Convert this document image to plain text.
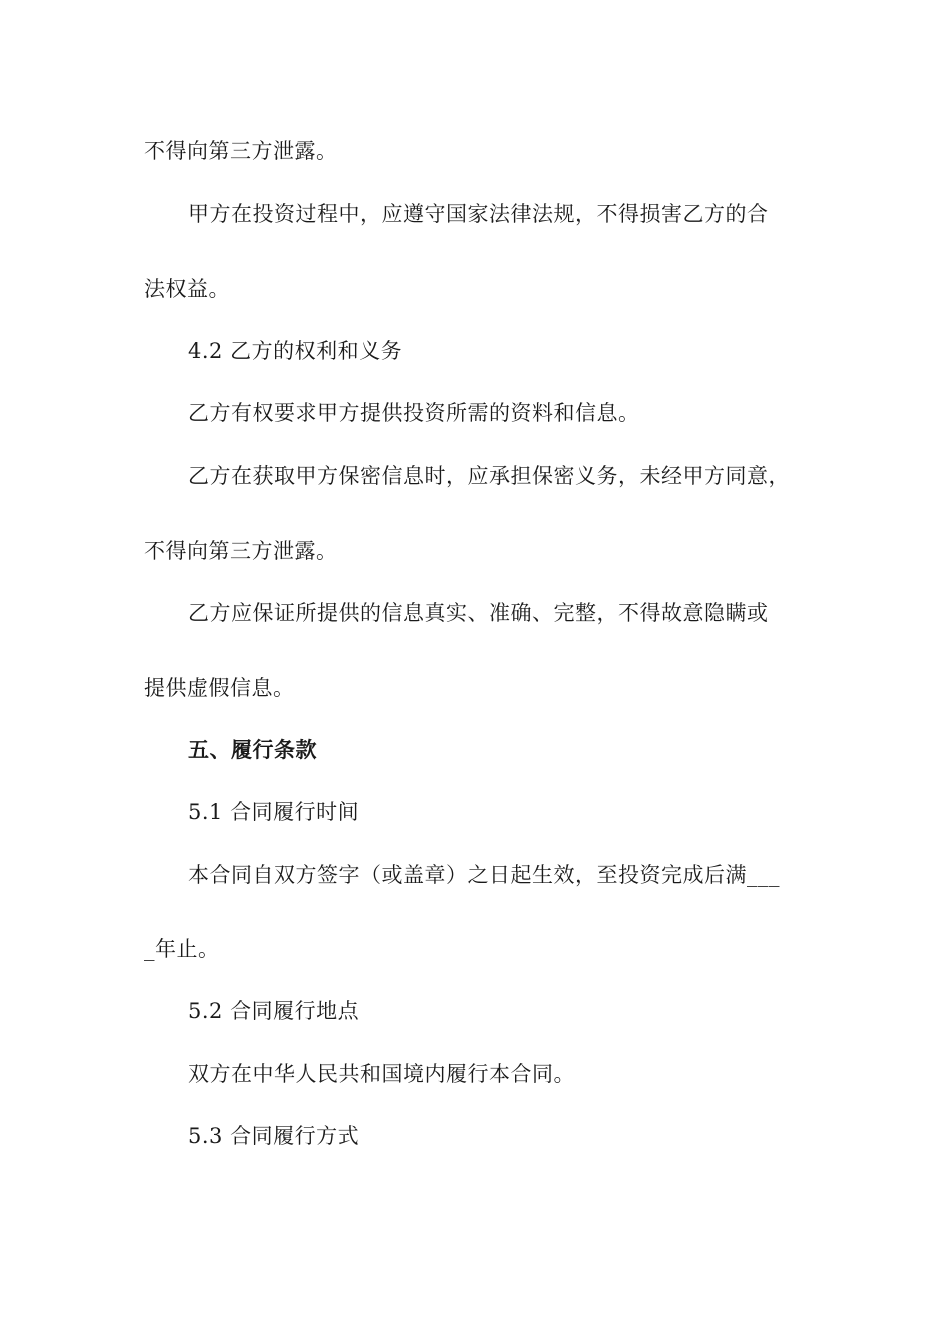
不得向第三方泄露。
甲方在投资过程中，应遵守国家法律法规，不得损害乙方的合
法权益。
4.2 乙方的权利和义务
乙方有权要求甲方提供投资所需的资料和信息。
乙方在获取甲方保密信息时，应承担保密义务，未经甲方同意，
不得向第三方泄露。
乙方应保证所提供的信息真实、准确、完整，不得故意隐瞒或
提供虚假信息。
五、履行条款
5.1 合同履行时间
本合同自双方签字（或盖章）之日起生效，至投资完成后满___
_年止。
5.2 合同履行地点
双方在中华人民共和国境内履行本合同。
5.3 合同履行方式
